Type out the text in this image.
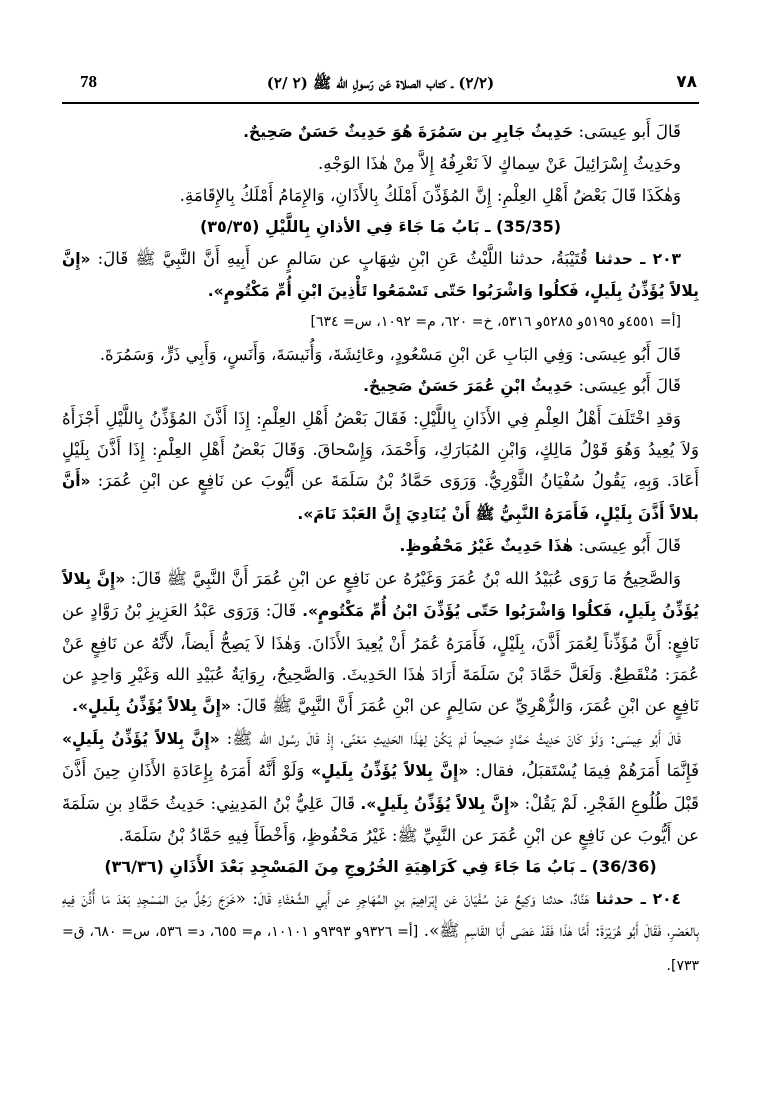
78	(٢/٢) ـ كتاب الصلاة عَن رَسولِ الله ﷺ (٢ /٢)	٧٨

قَالَ أَبو عِيسَى: حَدِيثُ جَابِرِ بن سَمُرَةَ هُوَ حَدِيثٌ حَسَنٌ صَحِيحٌ.

وحَدِيثُ إِسْرَائِيلَ عَنْ سِماكٍ لاَ نَعْرِفُهُ إِلاَّ مِنْ هٰذَا الوَجْهِ.

وَهٰكَذَا قَالَ بَعْضُ أَهْلِ العِلْمِ: إِنَّ المُؤَذِّنَ أَمْلَكُ بِالأَذَانِ، وَالإِمَامُ أَمْلَكُ بِالإِقَامَةِ.

(35/35) ـ بَابُ مَا جَاءَ فِي الأذانِ بِاللَّيْلِ (٣٥/٣٥)

٢٠٣ ـ حدثنا قُتَيْبَةُ، حدثنا اللَّيْثُ عَنِ ابْنِ شِهَابٍ عن سَالمٍ عن أَبِيهِ أَنَّ النَّبِيَّ ﷺ قَالَ: «إِنَّ بِلالاً يُؤَذِّنُ بِلَيلٍ، فَكلُوا وَاشْرَبُوا حَتّى تَسْمَعُوا تَأْذِينَ ابْنِ أُمِّ مَكْتُومٍ».

[أ= ٤٥٥١و ٥١٩٥و ٥٢٨٥و ٥٣١٦، خ= ٦٢٠، م= ١٠٩٢، س= ٦٣٤]

قَالَ أَبُو عِيسَى: وَفِي البَابِ عَن ابْنِ مَسْعُودٍ، وعَائِشَةَ، وَأُنَيسَةَ، وَأَنَسٍ، وَأَبِي ذَرٍّ، وَسَمُرَةَ.

قَالَ أَبُو عِيسَى: حَدِيثُ ابْنِ عُمَرَ حَسَنٌ صَحِيحٌ.

وَقدِ اخْتَلَفَ أَهْلُ العِلْمِ فِي الأَذَانِ بِاللَّيْلِ: فَقَالَ بَعْضُ أَهْلِ العِلْمِ: إِذَا أَذَّنَ المُؤَذِّنُ بِاللَّيْلِ أَجْزَأَهُ وَلاَ يُعِيدُ وَهُوَ قَوْلُ مَالِكٍ، وَابْنِ المُبَارَكِ، وَأَحْمَدَ، وَإِسْحاقَ. وَقَالَ بَعْضُ أَهْلِ العِلْمِ: إِذَا أَذَّنَ بِلَيْلٍ أَعَادَ. وَبِهِ، يَقُولُ سُفْيَانُ الثَّوْرِيُّ. وَرَوَى حَمَّادُ بْنُ سَلَمَةَ عن أَيُّوبَ عن نَافِعٍ عن ابْنِ عُمَرَ: «أَنَّ بلالاً أَذَّنَ بِلَيْلٍ، فَأَمَرَهُ النَّبِيُّ ﷺ أَنْ يُنَادِيَ إِنَّ العَبْدَ نَامَ».

قَالَ أَبُو عِيسَى: هٰذَا حَدِيثٌ غَيْرُ مَحْفُوظٍ.

وَالصَّحِيحُ مَا رَوَى عُبَيْدُ الله بْنُ عُمَرَ وَغَيْرُهُ عن نَافِعٍ عن ابْنِ عُمَرَ أَنَّ النَّبِيَّ ﷺ قَالَ: «إِنَّ بِلالاً يُؤَذِّنُ بِلَيلٍ، فَكلُوا وَاشْرَبُوا حَتّى يُؤَذِّنَ ابْنُ أُمِّ مَكْتُومٍ». قَالَ: وَرَوَى عَبْدُ العَزِيزِ بْنُ رَوَّادٍ عن نَافِعٍ: أَنَّ مُؤَذِّناً لِعُمَرَ أَذَّنَ، بِلَيْلٍ، فَأَمَرَهُ عُمَرُ أَنْ يُعِيدَ الأَذَانَ. وَهٰذَا لاَ يَصِحُّ أَيضاً، لأَنَّهُ عن نَافِعٍ عَنْ عُمَرَ: مُنْقَطِعٌ. وَلَعَلَّ حَمَّادَ بْنَ سَلَمَةَ أَرَادَ هٰذَا الحَدِيثَ. وَالصَّحِيحُ، رِوَايَةُ عُبَيْدِ الله وَغَيْرِ وَاحِدٍ عن نَافِعٍ عن ابْنِ عُمَرَ، وَالزُّهْرِيِّ عن سَالِمٍ عن ابْنِ عُمَرَ أَنَّ النَّبِيَّ ﷺ قَالَ: «إِنَّ بِلالاً يُؤَذِّنُ بِلَيلٍ».

قَالَ أَبُو عِيسَى: وَلَوْ كَانَ حَدِيثُ حَمَّادٍ صَحِيحاً لَمْ يَكُنْ لِهٰذَا الحَدِيثِ مَعْنًى، إِذْ قَالَ رسُول الله ﷺ: «إِنَّ بِلالاً يُؤَذِّنُ بِلَيلٍ» فَإِنَّمَا أَمَرَهُمْ فِيمَا يُسْتَقبَلُ، فقال: «إِنَّ بِلالاً يُؤَذِّنُ بِلَيلٍ» وَلَوْ أَنَّهُ أَمَرَهُ بِإِعَادَةِ الأَذَانِ حِينَ أَذَّنَ قَبْلَ طُلُوعِ الفَجْرِ. لَمْ يَقُلْ: «إِنَّ بِلالاً يُؤَذِّنُ بِلَيلٍ». قَالَ عَلِيُّ بْنُ المَدِينِي: حَدِيثُ حَمَّادِ بنِ سَلَمَةَ عن أَيُّوبَ عن نَافِعٍ عن ابْنِ عُمَرَ عن النَّبِيِّ ﷺ: غَيْرُ مَحْفُوظٍ، وَأَخْطَأَ فِيهِ حَمَّادُ بْنُ سَلَمَةَ.

(36/36) ـ بَابُ مَا جَاءَ فِي كَرَاهِيَةِ الخُرُوجِ مِنَ المَسْجِدِ بَعْدَ الأَذَانِ (٣٦/٣٦)

٢٠٤ ـ حدثنا هَنَّادٌ، حدثنا وَكِيعٌ عَنْ سُفْيَانَ عَن إِبْرَاهِيمَ بنِ المُهَاجِرِ عن أَبِي الشَّعْثَاءِ قَالَ: «خَرَجَ رَجُلٌ مِنَ المَسْجِدِ بَعْدَ مَا أُذِّنَ فِيهِ بِالعَصْرِ، فَقَالَ أَبُو هُرَيْرَةَ: أَمَّا هٰذَا فَقَدْ عَصَى أَبَا القَاسِمِ ﷺ». [أ= ٩٣٢٦و ٩٣٩٣و ١٠١٠١، م= ٦٥٥، د= ٥٣٦، س= ٦٨٠، ق= ٧٣٣].
